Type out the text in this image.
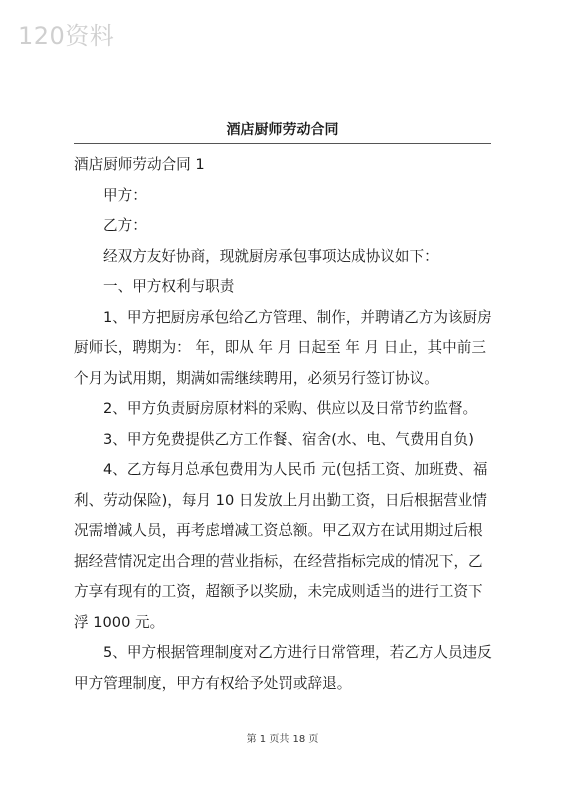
120资料
酒店厨师劳动合同

酒店厨师劳动合同 1

甲方：

乙方：

经双方友好协商，现就厨房承包事项达成协议如下：

一、甲方权利与职责

1、甲方把厨房承包给乙方管理、制作，并聘请乙方为该厨房厨师长，聘期为： 年，即从 年 月 日起至 年 月 日止，其中前三个月为试用期，期满如需继续聘用，必须另行签订协议。

2、甲方负责厨房原材料的采购、供应以及日常节约监督。

3、甲方免费提供乙方工作餐、宿舍(水、电、气费用自负)

4、乙方每月总承包费用为人民币 元(包括工资、加班费、福利、劳动保险)，每月 10 日发放上月出勤工资，日后根据营业情况需增减人员，再考虑增减工资总额。甲乙双方在试用期过后根据经营情况定出合理的营业指标，在经营指标完成的情况下，乙方享有现有的工资，超额予以奖励，未完成则适当的进行工资下浮 1000 元。

5、甲方根据管理制度对乙方进行日常管理，若乙方人员违反甲方管理制度，甲方有权给予处罚或辞退。

第 1 页共 18 页
